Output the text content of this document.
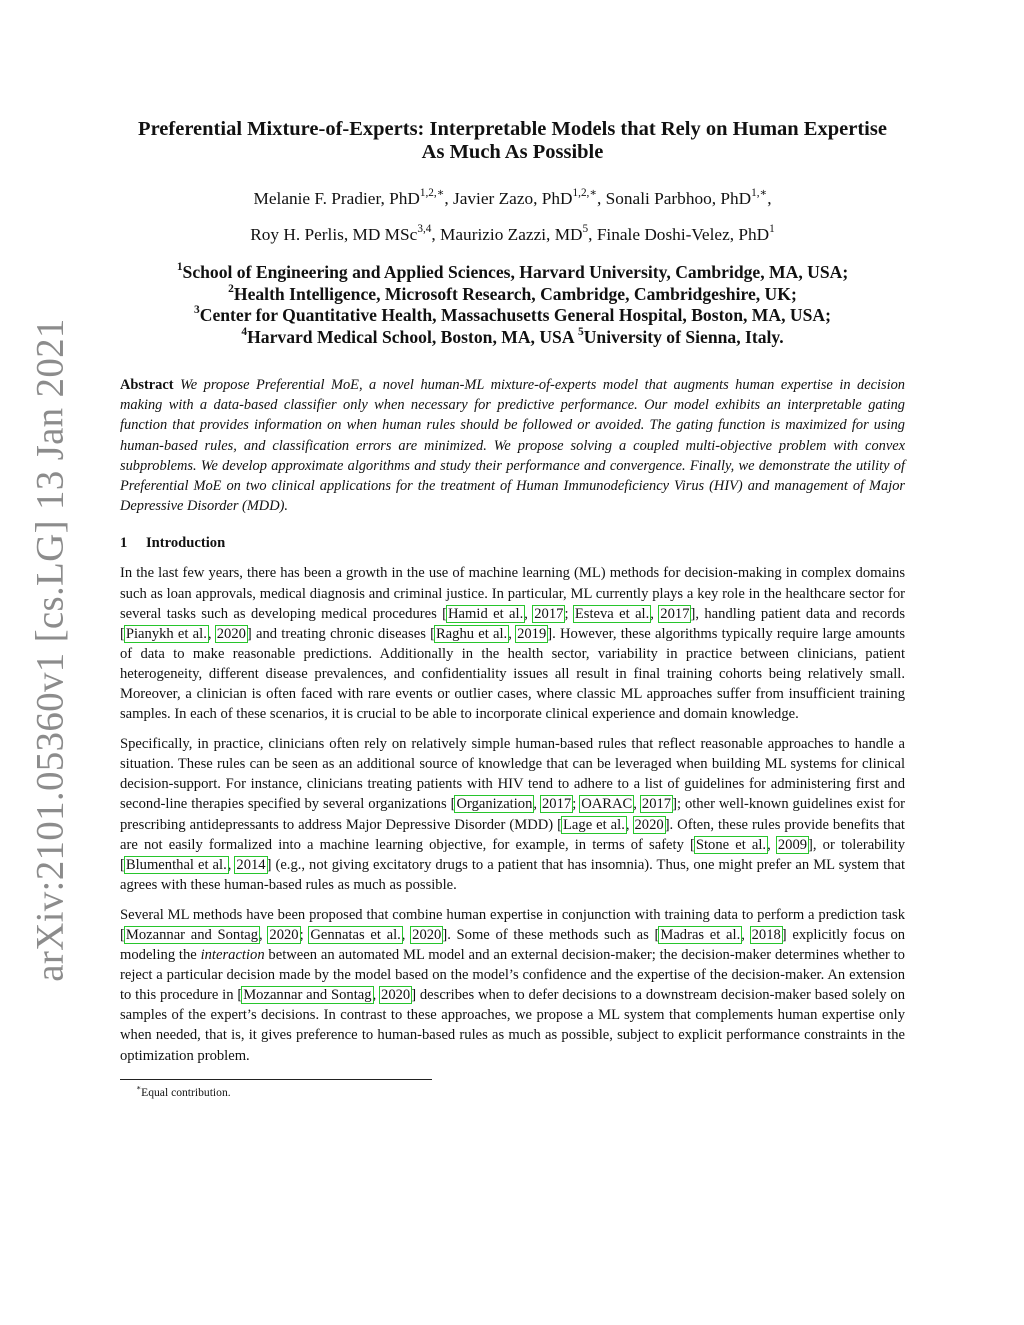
arXiv:2101.05360v1 [cs.LG] 13 Jan 2021
Preferential Mixture-of-Experts: Interpretable Models that Rely on Human Expertise As Much As Possible
Melanie F. Pradier, PhD$^{1,2,∗}$, Javier Zazo, PhD$^{1,2,∗}$, Sonali Parbhoo, PhD$^{1,∗}$,
Roy H. Perlis, MD MSc$^{3,4}$, Maurizio Zazzi, $MD^5$, Finale Doshi-Velez, PhD$^1$
$^1$School of Engineering and Applied Sciences, Harvard University, Cambridge, MA, USA;
$^2$Health Intelligence, Microsoft Research, Cambridge, Cambridgeshire, UK;
$^3$Center for Quantitative Health, Massachusetts General Hospital, Boston, MA, USA;
$^4$Harvard Medical School, Boston, MA, USA $^5$University of Sienna, Italy.
Abstract We propose Preferential MoE, a novel human-ML mixture-of-experts model that augments human expertise in decision making with a data-based classifier only when necessary for predictive performance. Our model exhibits an interpretable gating function that provides information on when human rules should be followed or avoided. The gating function is maximized for using human-based rules, and classification errors are minimized. We propose solving a coupled multi-objective problem with convex subproblems. We develop approximate algorithms and study their performance and convergence. Finally, we demonstrate the utility of Preferential MoE on two clinical applications for the treatment of Human Immunodeficiency Virus (HIV) and management of Major Depressive Disorder (MDD).
1 Introduction

In the last few years, there has been a growth in the use of machine learning (ML) methods for decision-making in complex domains such as loan approvals, medical diagnosis and criminal justice. In particular, ML currently plays a key role in the healthcare sector for several tasks such as developing medical procedures [Hamid et al., 2017; Esteva et al., 2017], handling patient data and records [Pianykh et al., 2020] and treating chronic diseases [Raghu et al., 2019]. However, these algorithms typically require large amounts of data to make reasonable predictions. Additionally in the health sector, variability in practice between clinicians, patient heterogeneity, different disease prevalences, and confidentiality issues all result in final training cohorts being relatively small. Moreover, a clinician is often faced with rare events or outlier cases, where classic ML approaches suffer from insufficient training samples. In each of these scenarios, it is crucial to be able to incorporate clinical experience and domain knowledge.

Specifically, in practice, clinicians often rely on relatively simple human-based rules that reflect reasonable approaches to handle a situation. These rules can be seen as an additional source of knowledge that can be leveraged when building ML systems for clinical decision-support. For instance, clinicians treating patients with HIV tend to adhere to a list of guidelines for administering first and second-line therapies specified by several organizations [Organization, 2017; OARAC, 2017]; other well-known guidelines exist for prescribing antidepressants to address Major Depressive Disorder (MDD) [Lage et al., 2020]. Often, these rules provide benefits that are not easily formalized into a machine learning objective, for example, in terms of safety [Stone et al., 2009], or tolerability [Blumenthal et al., 2014] (e.g., not giving excitatory drugs to a patient that has insomnia). Thus, one might prefer an ML system that agrees with these human-based rules as much as possible.

Several ML methods have been proposed that combine human expertise in conjunction with training data to perform a prediction task [Mozannar and Sontag, 2020; Gennatas et al., 2020]. Some of these methods such as [Madras et al., 2018] explicitly focus on modeling the interaction between an automated ML model and an external decision-maker; the decision-maker determines whether to reject a particular decision made by the model based on the model’s confidence and the expertise of the decision-maker. An extension to this procedure in [Mozannar and Sontag, 2020] describes when to defer decisions to a downstream decision-maker based solely on samples of the expert’s decisions. In contrast to these approaches, we propose a ML system that complements human expertise only when needed, that is, it gives preference to human-based rules as much as possible, subject to explicit performance constraints in the optimization problem.

∗Equal contribution.
